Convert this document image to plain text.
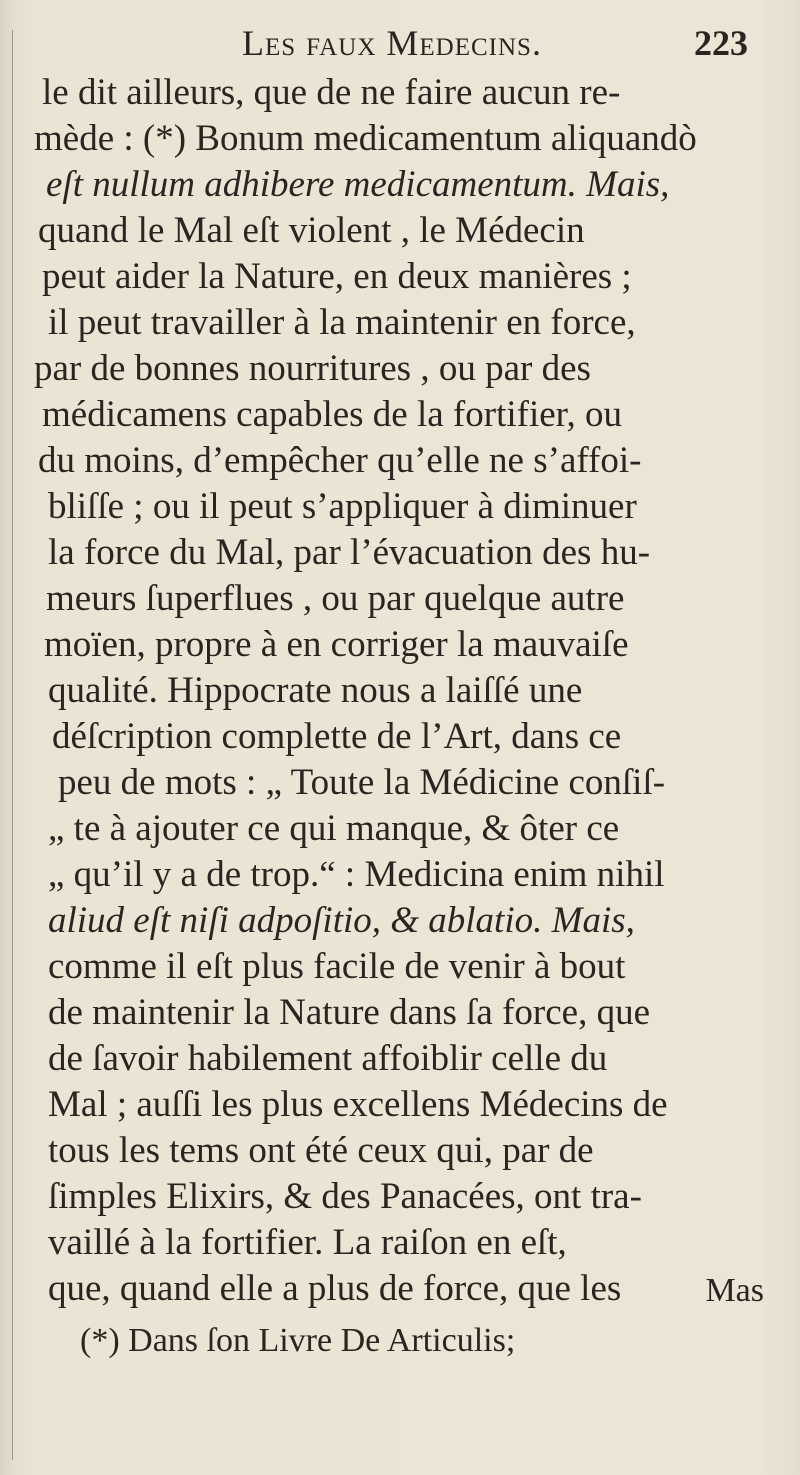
Les faux Medecins.	223
le dit ailleurs, que de ne faire aucun re-
mède : (*) Bonum medicamentum aliquandò
eſt nullum adhibere medicamentum. Mais,
quand le Mal eſt violent , le Médecin
peut aider la Nature, en deux manières ;
il peut travailler à la maintenir en force,
par de bonnes nourritures , ou par des
médicamens capables de la fortifier, ou
du moins, d’empêcher qu’elle ne s’affoi-
bliſſe ; ou il peut s’appliquer à diminuer
la force du Mal, par l’évacuation des hu-
meurs ſuperflues , ou par quelque autre
moïen, propre à en corriger la mauvaiſe
qualité. Hippocrate nous a laiſſé une
déſcription complette de l’Art, dans ce
peu de mots : „ Toute la Médicine conſiſ-
„ te à ajouter ce qui manque, & ôter ce
„ qu’il y a de trop.“ : Medicina enim nihil
aliud eſt niſi adpoſitio, & ablatio. Mais,
comme il eſt plus facile de venir à bout
de maintenir la Nature dans ſa force, que
de ſavoir habilement affoiblir celle du
Mal ; auſſi les plus excellens Médecins de
tous les tems ont été ceux qui, par de
ſimples Elixirs, & des Panacées, ont tra-
vaillé à la fortifier. La raiſon en eſt,
que, quand elle a plus de force, que les Mas
(*) Dans ſon Livre De Articulis;
